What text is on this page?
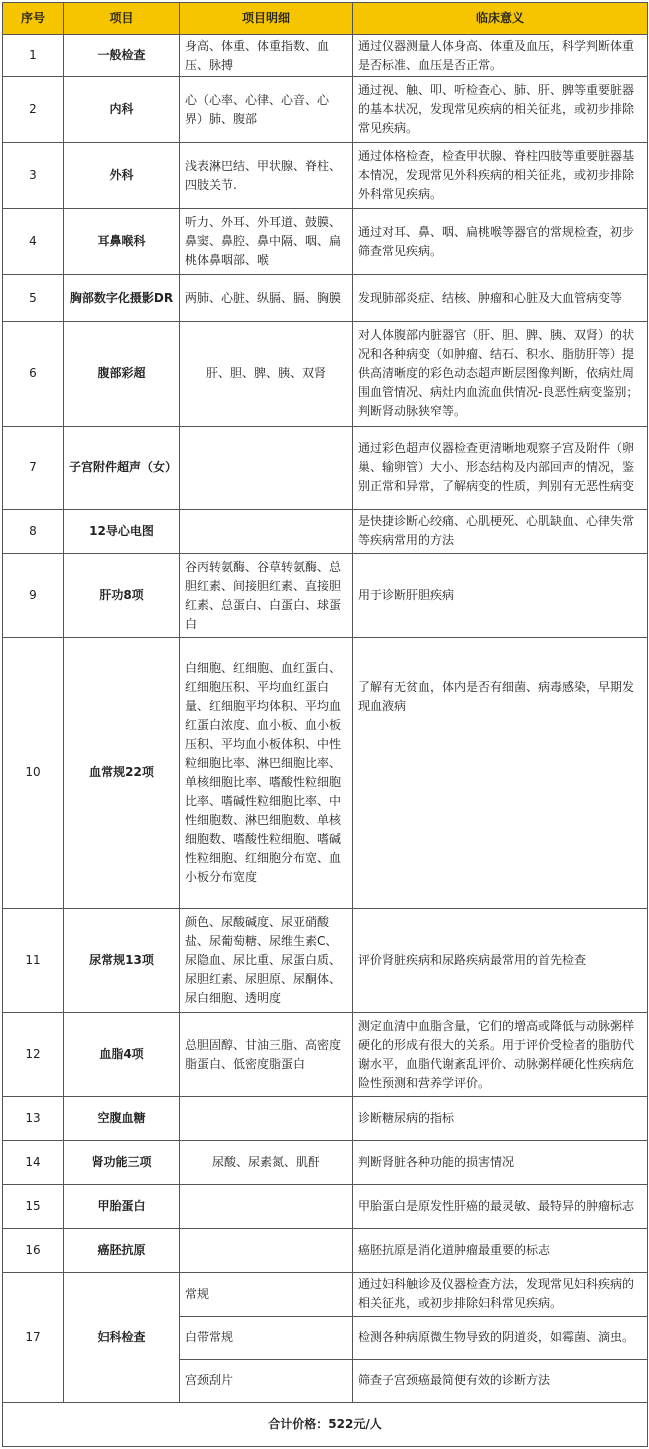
序号	项目	项目明细	临床意义
1	一般检查	身高、体重、体重指数、血压、脉搏	通过仪器测量人体身高、体重及血压，科学判断体重是否标准、血压是否正常。
2	内科	心（心率、心律、心音、心界）肺、腹部	通过视、触、叩、听检查心、肺、肝、脾等重要脏器的基本状况，发现常见疾病的相关征兆，或初步排除常见疾病。
3	外科	浅表淋巴结、甲状腺、脊柱、四肢关节.	通过体格检查，检查甲状腺、脊柱四肢等重要脏器基本情况，发现常见外科疾病的相关征兆，或初步排除外科常见疾病。
4	耳鼻喉科	听力、外耳、外耳道、鼓膜、鼻窦、鼻腔、鼻中隔、咽、扁桃体鼻咽部、喉	通过对耳、鼻、咽、扁桃喉等器官的常规检查，初步筛查常见疾病。
5	胸部数字化摄影DR	两肺、心脏、纵膈、膈、胸膜	发现肺部炎症、结核、肿瘤和心脏及大血管病变等
6	腹部彩超	肝、胆、脾、胰、双肾	对人体腹部内脏器官（肝、胆、脾、胰、双肾）的状况和各种病变（如肿瘤、结石、积水、脂肪肝等）提供高清晰度的彩色动态超声断层图像判断，依病灶周围血管情况、病灶内血流血供情况-良恶性病变鉴别；判断肾动脉狭窄等。
7	子宫附件超声（女）		通过彩色超声仪器检查更清晰地观察子宫及附件（卵巢、输卵管）大小、形态结构及内部回声的情况，鉴别正常和异常，了解病变的性质，判别有无恶性病变
8	12导心电图		是快捷诊断心绞痛、心肌梗死、心肌缺血、心律失常等疾病常用的方法
9	肝功8项	谷丙转氨酶、谷草转氨酶、总胆红素、间接胆红素、直接胆红素、总蛋白、白蛋白、球蛋白	用于诊断肝胆疾病
10	血常规22项	白细胞、红细胞、血红蛋白、红细胞压积、平均血红蛋白量、红细胞平均体积、平均血红蛋白浓度、血小板、血小板压积、平均血小板体积、中性粒细胞比率、淋巴细胞比率、单核细胞比率、嗜酸性粒细胞比率、嗜碱性粒细胞比率、中性细胞数、淋巴细胞数、单核细胞数、嗜酸性粒细胞、嗜碱性粒细胞、红细胞分布宽、血小板分布宽度	了解有无贫血，体内是否有细菌、病毒感染，早期发现血液病
11	尿常规13项	颜色、尿酸碱度、尿亚硝酸盐、尿葡萄糖、尿维生素C、尿隐血、尿比重、尿蛋白质、尿胆红素、尿胆原、尿酮体、尿白细胞、透明度	评价肾脏疾病和尿路疾病最常用的首先检查
12	血脂4项	总胆固醇、甘油三脂、高密度脂蛋白、低密度脂蛋白	测定血清中血脂含量，它们的增高或降低与动脉粥样硬化的形成有很大的关系。用于评价受检者的脂肪代谢水平，血脂代谢紊乱评价、动脉粥样硬化性疾病危险性预测和营养学评价。
13	空腹血糖		诊断糖尿病的指标
14	肾功能三项	尿酸、尿素氮、肌酐	判断肾脏各种功能的损害情况
15	甲胎蛋白		甲胎蛋白是原发性肝癌的最灵敏、最特异的肿瘤标志
16	癌胚抗原		癌胚抗原是消化道肿瘤最重要的标志
17	妇科检查	常规	通过妇科触诊及仪器检查方法，发现常见妇科疾病的相关征兆，或初步排除妇科常见疾病。
		白带常规	检测各种病原微生物导致的阴道炎，如霉菌、滴虫。
		宫颈刮片	筛查子宫颈癌最简便有效的诊断方法
合计价格：522元/人			
